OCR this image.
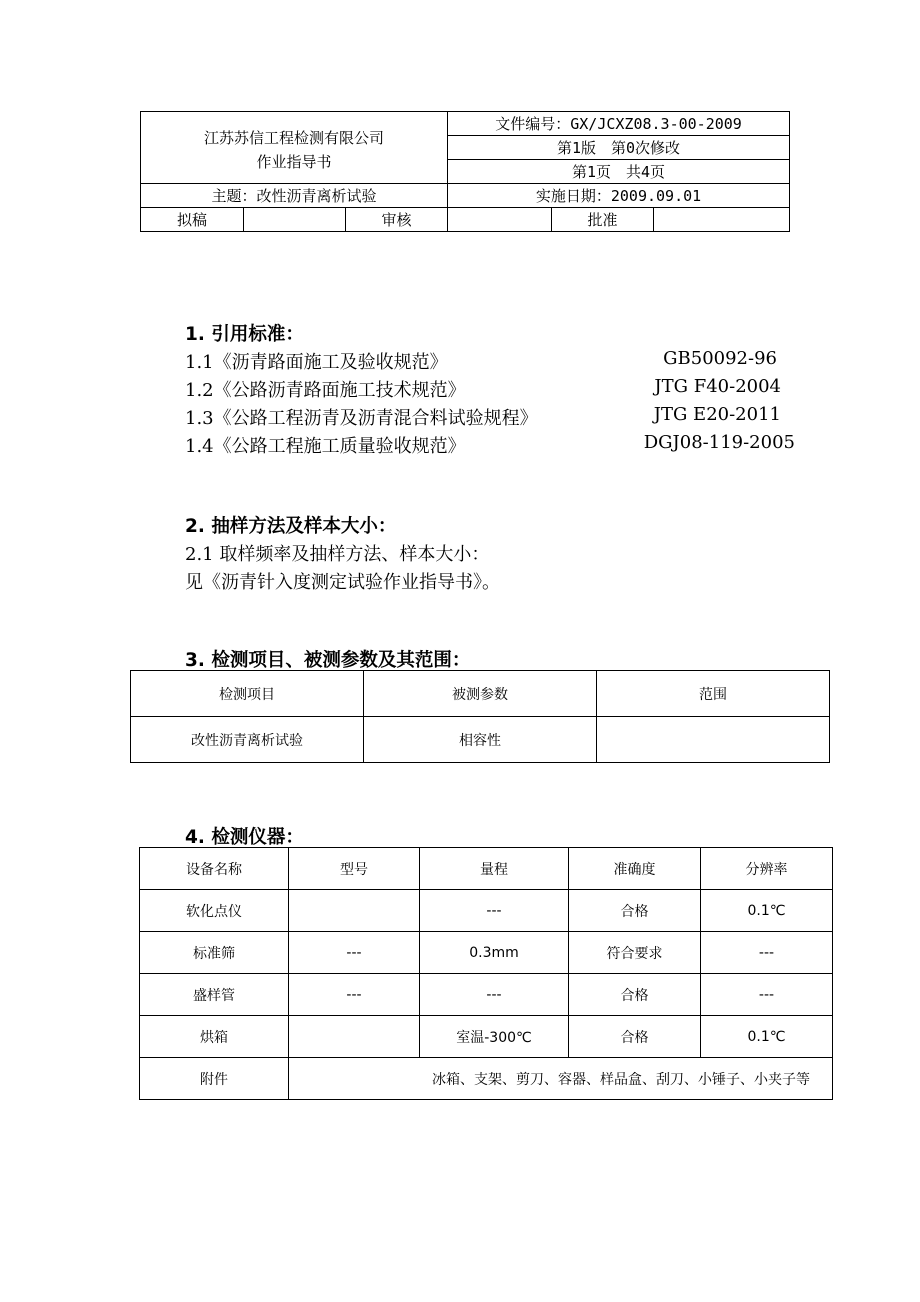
江苏苏信工程检测有限公司
作业指导书			文件编号：GX/JCXZ08.3-00-2009		
			第1版　第0次修改		
			第1页　共4页		
主题：改性沥青离析试验			实施日期：2009.09.01		
拟稿		审核		批准	
1. 引用标准：
1.1《沥青路面施工及验收规范》	GB50092-96
1.2《公路沥青路面施工技术规范》	JTG F40-2004
1.3《公路工程沥青及沥青混合料试验规程》	JTG E20-2011
1.4《公路工程施工质量验收规范》	DGJ08-119-2005
2. 抽样方法及样本大小：

2.1 取样频率及抽样方法、样本大小：

见《沥青针入度测定试验作业指导书》。

3. 检测项目、被测参数及其范围：
检测项目	被测参数	范围
改性沥青离析试验	相容性	
4. 检测仪器：
设备名称	型号	量程	准确度	分辨率
软化点仪		---	合格	0.1℃
标准筛	---	0.3mm	符合要求	---
盛样管	---	---	合格	---
烘箱		室温-300℃	合格	0.1℃
附件	冰箱、支架、剪刀、容器、样品盒、刮刀、小锤子、小夹子等			
